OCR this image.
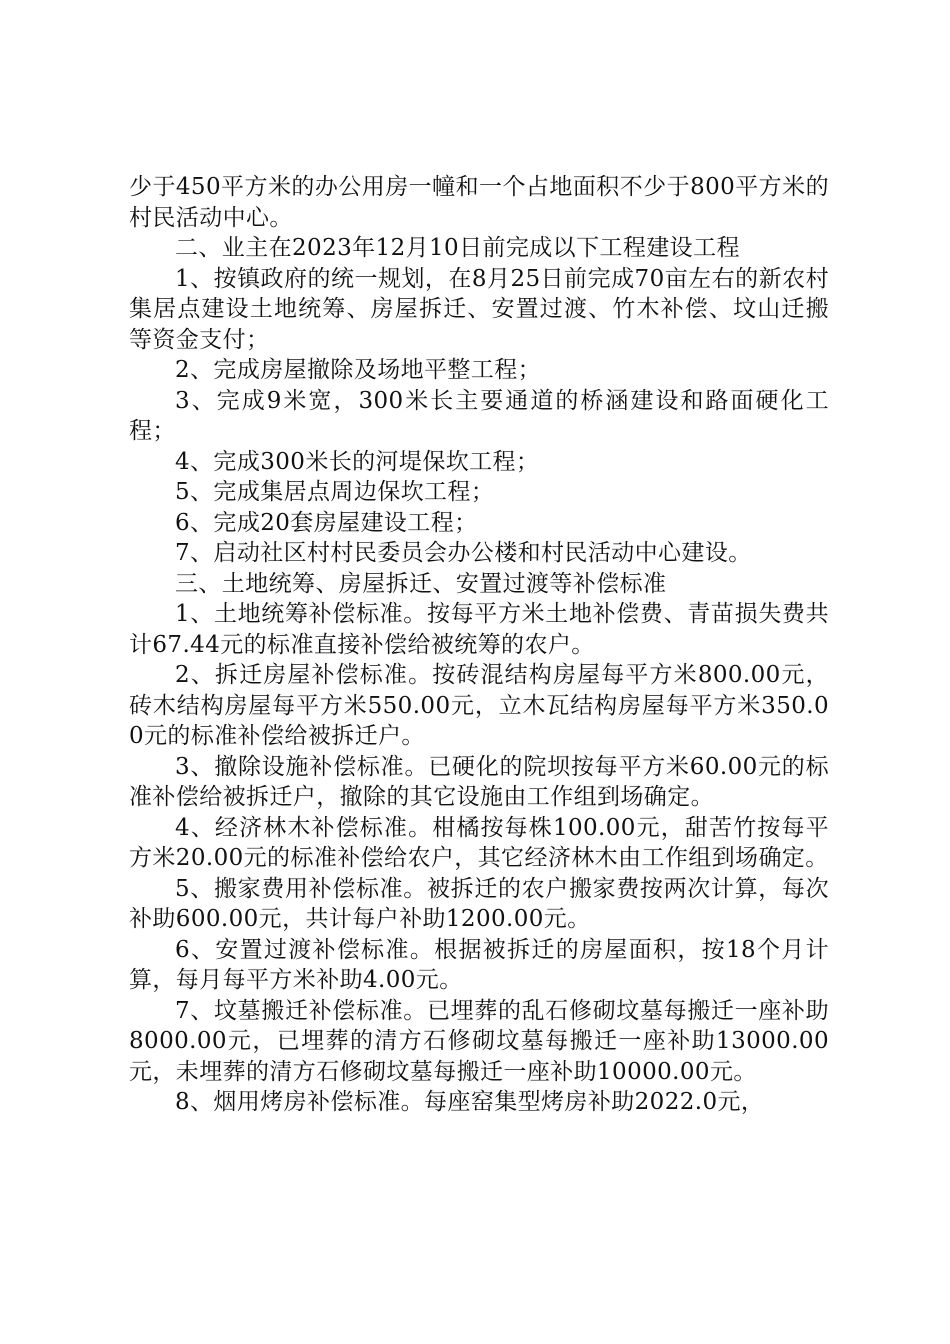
少于450平方米的办公用房一幢和一个占地面积不少于800平方米的村民活动中心。

二、业主在2023年12月10日前完成以下工程建设工程

1、按镇政府的统一规划，在8月25日前完成70亩左右的新农村集居点建设土地统筹、房屋拆迁、安置过渡、竹木补偿、坟山迁搬等资金支付；

2、完成房屋撤除及场地平整工程；

3、完成9米宽，300米长主要通道的桥涵建设和路面硬化工程；

4、完成300米长的河堤保坎工程；

5、完成集居点周边保坎工程；

6、完成20套房屋建设工程；

7、启动社区村村民委员会办公楼和村民活动中心建设。

三、土地统筹、房屋拆迁、安置过渡等补偿标准

1、土地统筹补偿标准。按每平方米土地补偿费、青苗损失费共计67.44元的标准直接补偿给被统筹的农户。

2、拆迁房屋补偿标准。按砖混结构房屋每平方米800.00元，砖木结构房屋每平方米550.00元，立木瓦结构房屋每平方米350.00元的标准补偿给被拆迁户。

3、撤除设施补偿标准。已硬化的院坝按每平方米60.00元的标准补偿给被拆迁户，撤除的其它设施由工作组到场确定。

4、经济林木补偿标准。柑橘按每株100.00元，甜苦竹按每平方米20.00元的标准补偿给农户，其它经济林木由工作组到场确定。

5、搬家费用补偿标准。被拆迁的农户搬家费按两次计算，每次补助600.00元，共计每户补助1200.00元。

6、安置过渡补偿标准。根据被拆迁的房屋面积，按18个月计算，每月每平方米补助4.00元。

7、坟墓搬迁补偿标准。已埋葬的乱石修砌坟墓每搬迁一座补助8000.00元，已埋葬的清方石修砌坟墓每搬迁一座补助13000.00元，未埋葬的清方石修砌坟墓每搬迁一座补助10000.00元。

8、烟用烤房补偿标准。每座窑集型烤房补助2022.0元，
